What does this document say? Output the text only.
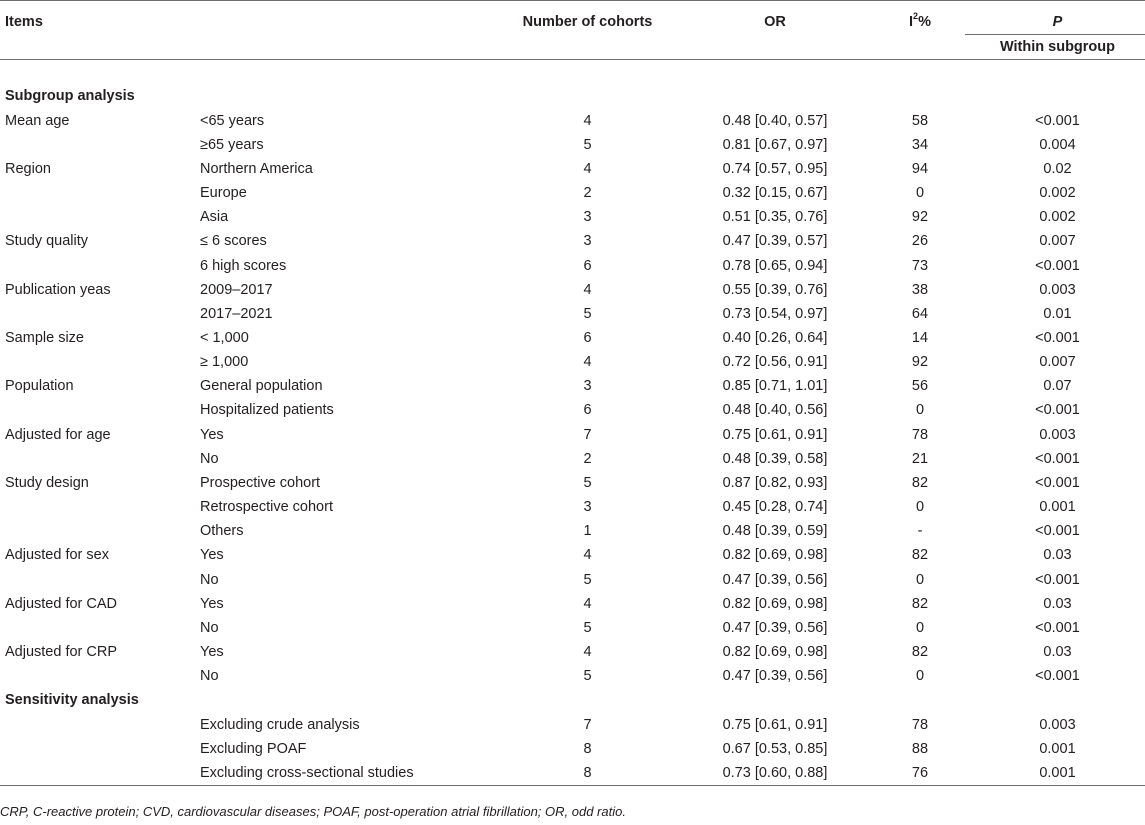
Items		Number of cohorts	OR	$I^2\%$	P
					Within subgroup

Subgroup analysis					
Mean age	<65 years	4	0.48 [0.40, 0.57]	58	<0.001
	≥65 years	5	0.81 [0.67, 0.97]	34	0.004
Region	Northern America	4	0.74 [0.57, 0.95]	94	0.02
	Europe	2	0.32 [0.15, 0.67]	0	0.002
	Asia	3	0.51 [0.35, 0.76]	92	0.002
Study quality	≤ 6 scores	3	0.47 [0.39, 0.57]	26	0.007
	6 high scores	6	0.78 [0.65, 0.94]	73	<0.001
Publication yeas	2009–2017	4	0.55 [0.39, 0.76]	38	0.003
	2017–2021	5	0.73 [0.54, 0.97]	64	0.01
Sample size	< 1,000	6	0.40 [0.26, 0.64]	14	<0.001
	≥ 1,000	4	0.72 [0.56, 0.91]	92	0.007
Population	General population	3	0.85 [0.71, 1.01]	56	0.07
	Hospitalized patients	6	0.48 [0.40, 0.56]	0	<0.001
Adjusted for age	Yes	7	0.75 [0.61, 0.91]	78	0.003
	No	2	0.48 [0.39, 0.58]	21	<0.001
Study design	Prospective cohort	5	0.87 [0.82, 0.93]	82	<0.001
	Retrospective cohort	3	0.45 [0.28, 0.74]	0	0.001
	Others	1	0.48 [0.39, 0.59]	-	<0.001
Adjusted for sex	Yes	4	0.82 [0.69, 0.98]	82	0.03
	No	5	0.47 [0.39, 0.56]	0	<0.001
Adjusted for CAD	Yes	4	0.82 [0.69, 0.98]	82	0.03
	No	5	0.47 [0.39, 0.56]	0	<0.001
Adjusted for CRP	Yes	4	0.82 [0.69, 0.98]	82	0.03
	No	5	0.47 [0.39, 0.56]	0	<0.001
Sensitivity analysis					
	Excluding crude analysis	7	0.75 [0.61, 0.91]	78	0.003
	Excluding POAF	8	0.67 [0.53, 0.85]	88	0.001
	Excluding cross-sectional studies	8	0.73 [0.60, 0.88]	76	0.001
CRP, C-reactive protein; CVD, cardiovascular diseases; POAF, post-operation atrial fibrillation; OR, odd ratio.
